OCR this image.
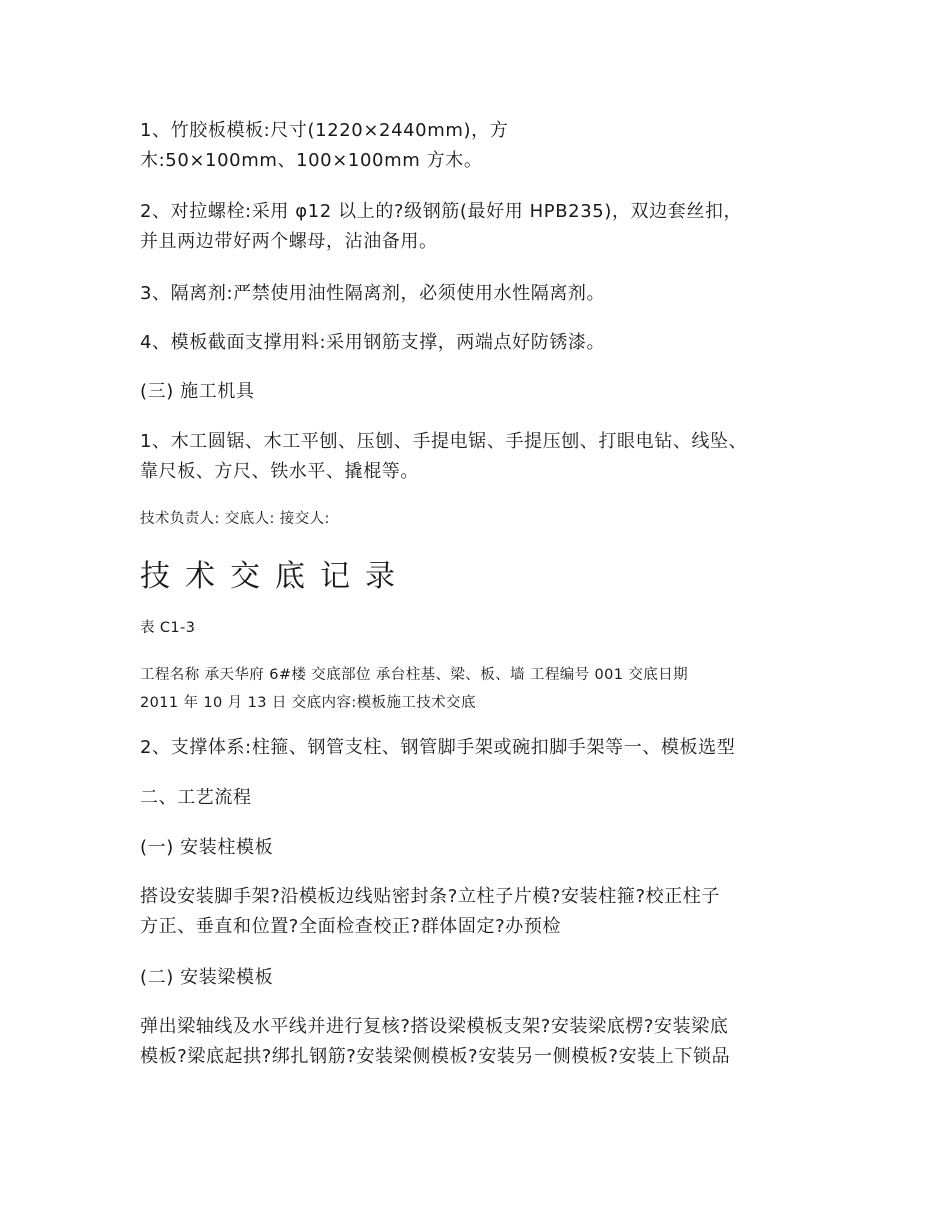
1、竹胶板模板:尺寸(1220×2440mm)，方
木:50×100mm、100×100mm 方木。
2、对拉螺栓:采用 φ12 以上的?级钢筋(最好用 HPB235)，双边套丝扣，
并且两边带好两个螺母，沾油备用。
3、隔离剂:严禁使用油性隔离剂，必须使用水性隔离剂。
4、模板截面支撑用料:采用钢筋支撑，两端点好防锈漆。
(三) 施工机具
1、木工圆锯、木工平刨、压刨、手提电锯、手提压刨、打眼电钻、线坠、
靠尺板、方尺、铁水平、撬棍等。
技术负责人: 交底人: 接交人:
技术交底记录
表 C1-3
工程名称 承天华府 6#楼 交底部位 承台柱基、梁、板、墙 工程编号 001 交底日期
2011 年 10 月 13 日 交底内容:模板施工技术交底
2、支撑体系:柱箍、钢管支柱、钢管脚手架或碗扣脚手架等一、模板选型
二、工艺流程
(一) 安装柱模板
搭设安装脚手架?沿模板边线贴密封条?立柱子片模?安装柱箍?校正柱子
方正、垂直和位置?全面检查校正?群体固定?办预检
(二) 安装梁模板
弹出梁轴线及水平线并进行复核?搭设梁模板支架?安装梁底楞?安装梁底
模板?梁底起拱?绑扎钢筋?安装梁侧模板?安装另一侧模板?安装上下锁品
